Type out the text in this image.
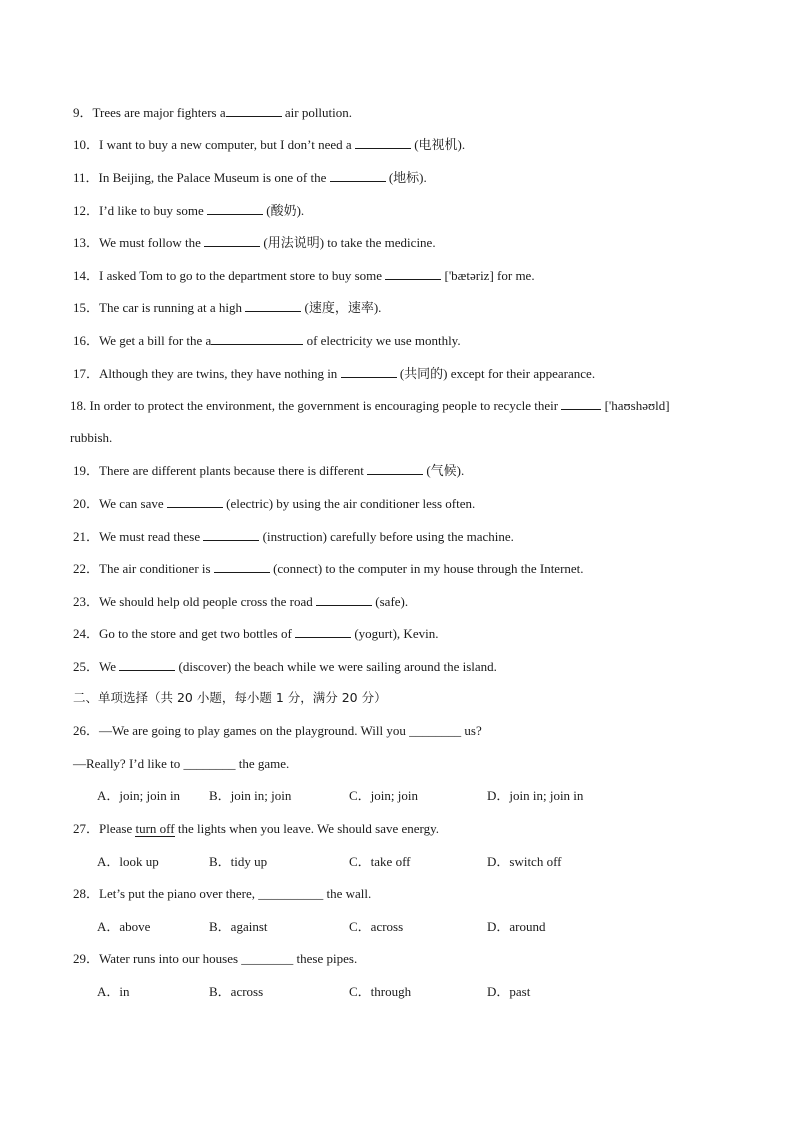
9．Trees are major fighters a	air pollution.
10．I want to buy a new computer, but I don’t need a	(电视机).
11．In Beijing, the Palace Museum is one of the	(地标).
12．I’d like to buy some	(酸奶).
13．We must follow the	(用法说明) to take the medicine.
14．I asked Tom to go to the department store to buy some	['bætəriz] for me.
15．The car is running at a high	(速度，速率).
16．We get a bill for the a	of electricity we use monthly.
17．Although they are twins, they have nothing in	(共同的) except for their appearance.
18. In order to protect the environment, the government is encouraging people to recycle their	['haʊshəʊld]
rubbish.
19．There are different plants because there is different	(气候).
20．We can save	(electric) by using the air conditioner less often.
21．We must read these	(instruction) carefully before using the machine.
22．The air conditioner is	(connect) to the computer in my house through the Internet.
23．We should help old people cross the road	(safe).
24．Go to the store and get two bottles of	(yogurt), Kevin.
25．We	(discover) the beach while we were sailing around the island.
二、单项选择（共 20 小题，每小题 1 分，满分 20 分）
26．—We are going to play games on the playground. Will you ________ us?
—Really? I’d like to ________ the game.
A．join; join in B．join in; join	C．join; join	D．join in; join in
27．Please turn off the lights when you leave. We should save energy.
A．look up	B．tidy up	C．take off	D．switch off
28．Let’s put the piano over there, __________ the wall.
A．above	B．against	C．across	D．around
29．Water runs into our houses ________ these pipes.
A．in	B．across	C．through	D．past
